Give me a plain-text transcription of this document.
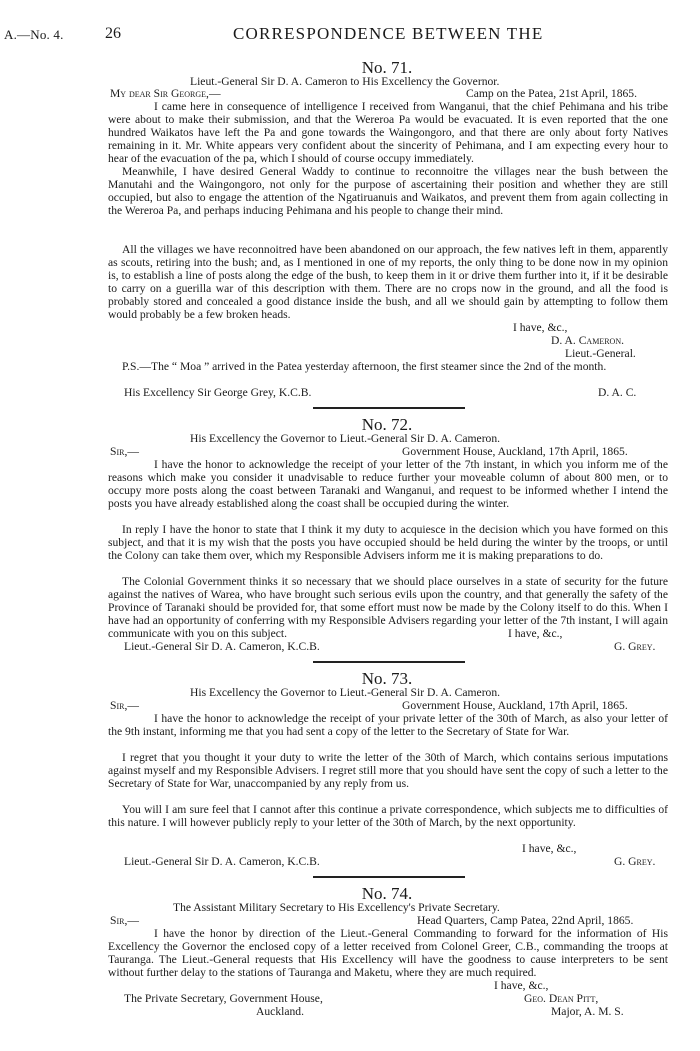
A.—No. 4.	26	CORRESPONDENCE BETWEEN THE
No. 71.
Lieut.-General Sir D. A. Cameron to His Excellency the Governor.
My dear Sir George,—	Camp on the Patea, 21st April, 1865.

I came here in consequence of intelligence I received from Wanganui, that the chief Pehimana and his tribe were about to make their submission, and that the Wereroa Pa would be evacuated. It is even reported that the one hundred Waikatos have left the Pa and gone towards the Waingongoro, and that there are only about forty Natives remaining in it. Mr. White appears very confident about the sincerity of Pehimana, and I am expecting every hour to hear of the evacuation of the pa, which I should of course occupy immediately.

Meanwhile, I have desired General Waddy to continue to reconnoitre the villages near the bush between the Manutahi and the Waingongoro, not only for the purpose of ascertaining their position and whether they are still occupied, but also to engage the attention of the Ngatiruanuis and Waikatos, and prevent them from again collecting in the Wereroa Pa, and perhaps inducing Pehimana and his people to change their mind.

All the villages we have reconnoitred have been abandoned on our approach, the few natives left in them, apparently as scouts, retiring into the bush; and, as I mentioned in one of my reports, the only thing to be done now in my opinion is, to establish a line of posts along the edge of the bush, to keep them in it or drive them further into it, if it be desirable to carry on a guerilla war of this description with them. There are no crops now in the ground, and all the food is probably stored and concealed a good distance inside the bush, and all we should gain by attempting to follow them would probably be a few broken heads.

I have, &c.,
D. A. Cameron.
Lieut.-General.

P.S.—The “ Moa ” arrived in the Patea yesterday afternoon, the first steamer since the 2nd of the month.

His Excellency Sir George Grey, K.C.B.	D. A. C.
No. 72.
His Excellency the Governor to Lieut.-General Sir D. A. Cameron.
Sir,—	Government House, Auckland, 17th April, 1865.

I have the honor to acknowledge the receipt of your letter of the 7th instant, in which you inform me of the reasons which make you consider it unadvisable to reduce further your moveable column of about 800 men, or to occupy more posts along the coast between Taranaki and Wanganui, and request to be informed whether I intend the posts you have already established along the coast shall be occupied during the winter.

In reply I have the honor to state that I think it my duty to acquiesce in the decision which you have formed on this subject, and that it is my wish that the posts you have occupied should be held during the winter by the troops, or until the Colony can take them over, which my Responsible Advisers inform me it is making preparations to do.

The Colonial Government thinks it so necessary that we should place ourselves in a state of security for the future against the natives of Warea, who have brought such serious evils upon the country, and that generally the safety of the Province of Taranaki should be provided for, that some effort must now be made by the Colony itself to do this. When I have had an opportunity of conferring with my Responsible Advisers regarding your letter of the 7th instant, I will again communicate with you on this subject.	I have, &c.,
Lieut.-General Sir D. A. Cameron, K.C.B.	G. Grey.
No. 73.
His Excellency the Governor to Lieut.-General Sir D. A. Cameron.
Sir,—	Government House, Auckland, 17th April, 1865.

I have the honor to acknowledge the receipt of your private letter of the 30th of March, as also your letter of the 9th instant, informing me that you had sent a copy of the letter to the Secretary of State for War.

I regret that you thought it your duty to write the letter of the 30th of March, which contains serious imputations against myself and my Responsible Advisers. I regret still more that you should have sent the copy of such a letter to the Secretary of State for War, unaccompanied by any reply from us.

You will I am sure feel that I cannot after this continue a private correspondence, which subjects me to difficulties of this nature. I will however publicly reply to your letter of the 30th of March, by the next opportunity.

I have, &c.,
Lieut.-General Sir D. A. Cameron, K.C.B.	G. Grey.
No. 74.
The Assistant Military Secretary to His Excellency's Private Secretary.
Sir,—	Head Quarters, Camp Patea, 22nd April, 1865.

I have the honor by direction of the Lieut.-General Commanding to forward for the information of His Excellency the Governor the enclosed copy of a letter received from Colonel Greer, C.B., commanding the troops at Tauranga. The Lieut.-General requests that His Excellency will have the goodness to cause interpreters to be sent without further delay to the stations of Tauranga and Maketu, where they are much required.

I have, &c.,
The Private Secretary, Government House,
Auckland.
Geo. Dean Pitt,
Major, A. M. S.
